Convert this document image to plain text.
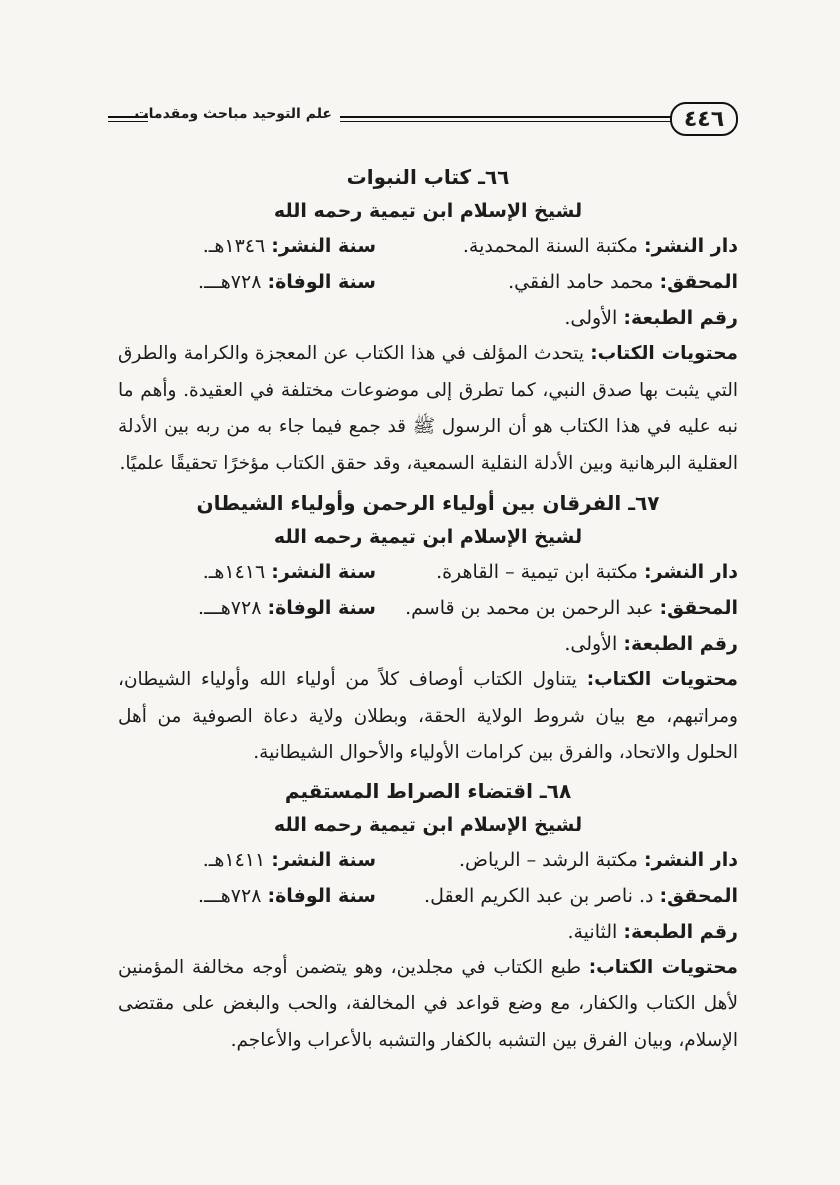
علم التوحيد مباحث ومقدمات	٤٤٦
٦٦ـ كتاب النبوات
لشيخ الإسلام ابن تيمية رحمه الله
دار النشر: مكتبة السنة المحمدية.
سنة النشر: ١٣٤٦هـ.
المحقق: محمد حامد الفقي.
سنة الوفاة: ٧٢٨هـــ.
رقم الطبعة: الأولى.
محتويات الكتاب: يتحدث المؤلف في هذا الكتاب عن المعجزة والكرامة والطرق التي يثبت بها صدق النبي، كما تطرق إلى موضوعات مختلفة في العقيدة. وأهم ما نبه عليه في هذا الكتاب هو أن الرسول ﷺ قد جمع فيما جاء به من ربه بين الأدلة العقلية البرهانية وبين الأدلة النقلية السمعية، وقد حقق الكتاب مؤخرًا تحقيقًا علميًا.
٦٧ـ الفرقان بين أولياء الرحمن وأولياء الشيطان
لشيخ الإسلام ابن تيمية رحمه الله
دار النشر: مكتبة ابن تيمية – القاهرة.
سنة النشر: ١٤١٦هـ.
المحقق: عبد الرحمن بن محمد بن قاسم.
سنة الوفاة: ٧٢٨هـــ.
رقم الطبعة: الأولى.
محتويات الكتاب: يتناول الكتاب أوصاف كلاً من أولياء الله وأولياء الشيطان، ومراتبهم، مع بيان شروط الولاية الحقة، وبطلان ولاية دعاة الصوفية من أهل الحلول والاتحاد، والفرق بين كرامات الأولياء والأحوال الشيطانية.
٦٨ـ اقتضاء الصراط المستقيم
لشيخ الإسلام ابن تيمية رحمه الله
دار النشر: مكتبة الرشد – الرياض.
سنة النشر: ١٤١١هـ.
المحقق: د. ناصر بن عبد الكريم العقل.
سنة الوفاة: ٧٢٨هـــ.
رقم الطبعة: الثانية.
محتويات الكتاب: طبع الكتاب في مجلدين، وهو يتضمن أوجه مخالفة المؤمنين لأهل الكتاب والكفار، مع وضع قواعد في المخالفة، والحب والبغض على مقتضى الإسلام، وبيان الفرق بين التشبه بالكفار والتشبه بالأعراب والأعاجم.
